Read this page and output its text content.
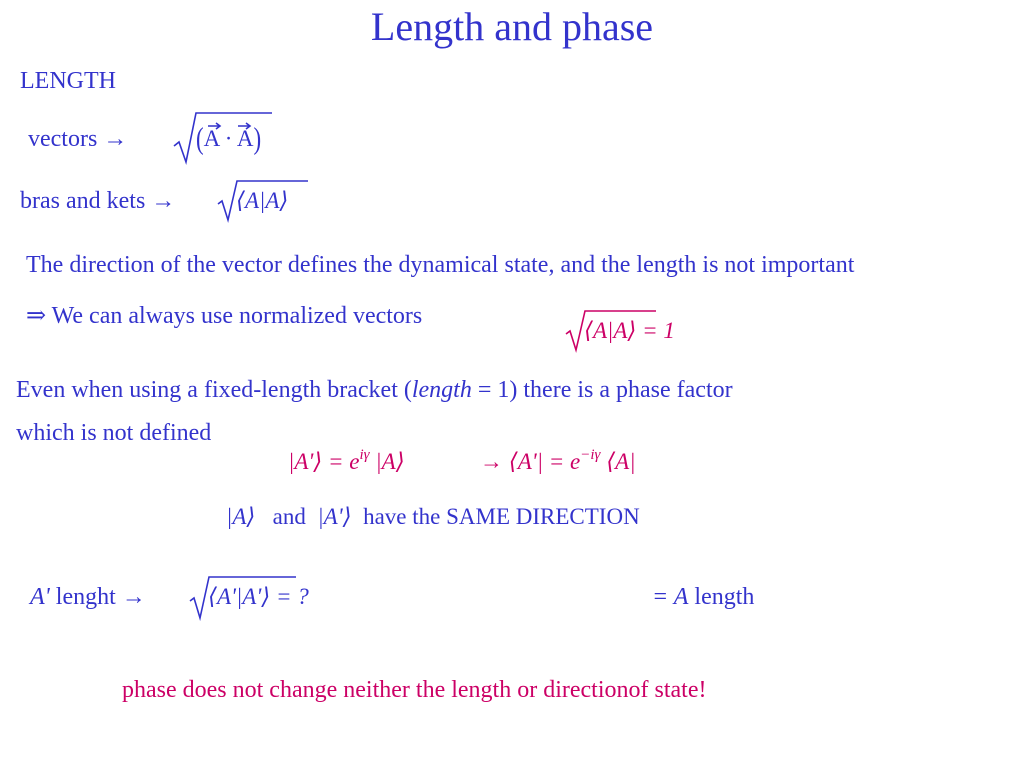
Length and phase
LENGTH
vectors →	(A · A)
bras and kets →	⟨A|A⟩
The direction of the vector defines the dynamical state, and the length is not important
⇒ We can always use normalized vectors
⟨A|A⟩ = 1
Even when using a fixed-length bracket (length = 1) there is a phase factor
which is not defined
|A'⟩ = $e^{i\gamma}$ |A⟩	→ ⟨A'| = $e^{-i\gamma}$ ⟨A|
|A⟩ and |A'⟩ have the SAME DIRECTION
A' lenght →	⟨A'|A'⟩ = ?	= A length
phase does not change neither the length or directionof state!
